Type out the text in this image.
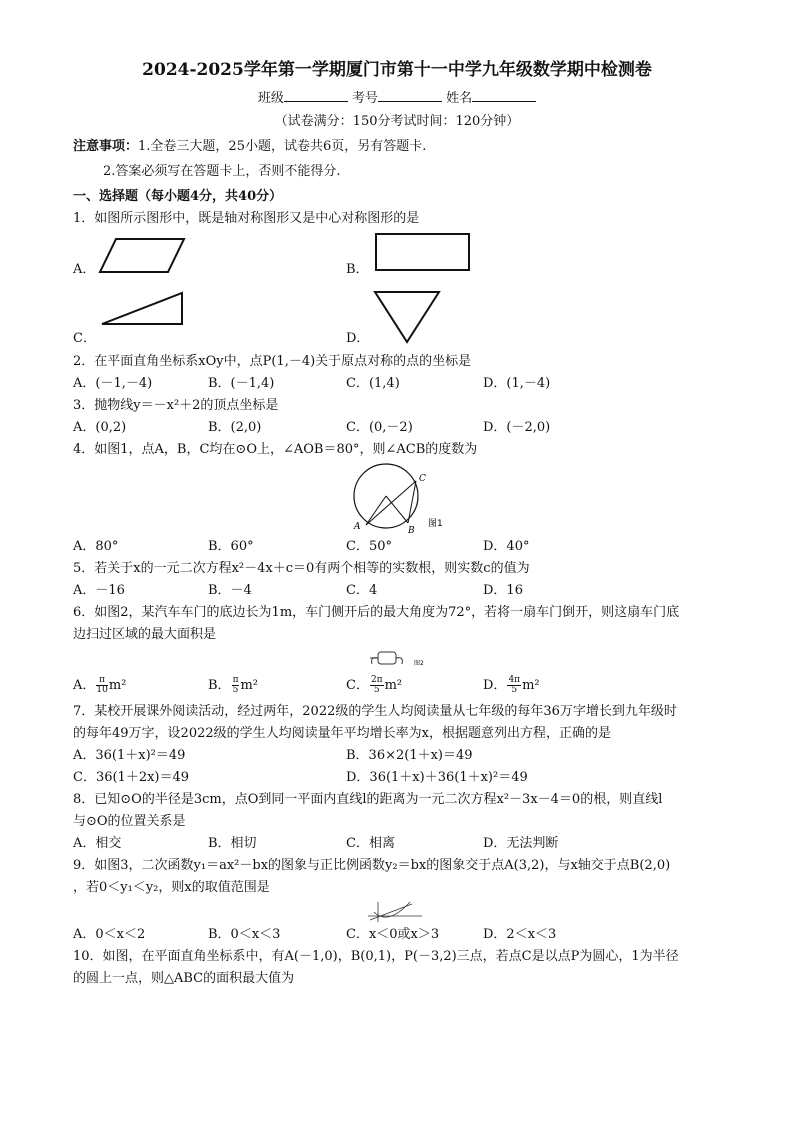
2024-2025学年第一学期厦门市第十一中学九年级数学期中检测卷
班级	考号	姓名
（试卷满分：150分考试时间：120分钟）
注意事项：1.全卷三大题，25小题，试卷共6页，另有答题卡.
2.答案必须写在答题卡上，否则不能得分.
一、选择题（每小题4分，共40分）
1．如图所示图形中，既是轴对称图形又是中心对称图形的是
A．	B．
C．	D．
2．在平面直角坐标系xOy中，点P(1,－4)关于原点对称的点的坐标是
A．(－1,－4)	B．(－1,4)	C．(1,4)	D．(1,－4)
3．抛物线y＝－x²＋2的顶点坐标是
A．(0,2)	B．(2,0)	C．(0,－2)	D．(－2,0)
4．如图1，点A，B，C均在⊙O上，∠AOB＝80°，则∠ACB的度数为
A	B
C
图1
A．80°	B．60°	C．50°	D．40°
5．若关于x的一元二次方程x²－4x＋c＝0有两个相等的实数根，则实数c的值为
A．－16	B．－4	C．4	D．16
6．如图2，某汽车车门的底边长为1m，车门侧开后的最大角度为72°，若将一扇车门倒开，则这扇车门底
边扫过区域的最大面积是
图2
A． $\frac{\pi}{10} m^2$	B． $\frac{\pi}{5} m^2$	C． $\frac{2\pi}{5} m^2$	D． $\frac{4\pi}{5} m^2$
7．某校开展课外阅读活动，经过两年，2022级的学生人均阅读量从七年级的每年36万字增长到九年级时
的每年49万字，设2022级的学生人均阅读量年平均增长率为x，根据题意列出方程，正确的是
A．36(1＋x)²＝49	B．36×2(1＋x)＝49
C．36(1＋2x)＝49	D．36(1＋x)＋36(1＋x)²＝49
8．已知⊙O的半径是3cm，点O到同一平面内直线l的距离为一元二次方程x²－3x－4＝0的根，则直线l
与⊙O的位置关系是
A．相交	B．相切	C．相离	D．无法判断
9．如图3，二次函数y₁＝ax²－bx的图象与正比例函数y₂＝bx的图象交于点A(3,2)，与x轴交于点B(2,0)
，若0＜y₁＜y₂，则x的取值范围是
A．0＜x＜2	B．0＜x＜3	C．x＜0或x＞3	D．2＜x＜3
10．如图，在平面直角坐标系中，有A(－1,0)，B(0,1)，P(－3,2)三点，若点C是以点P为圆心，1为半径
的圆上一点，则△ABC的面积最大值为
